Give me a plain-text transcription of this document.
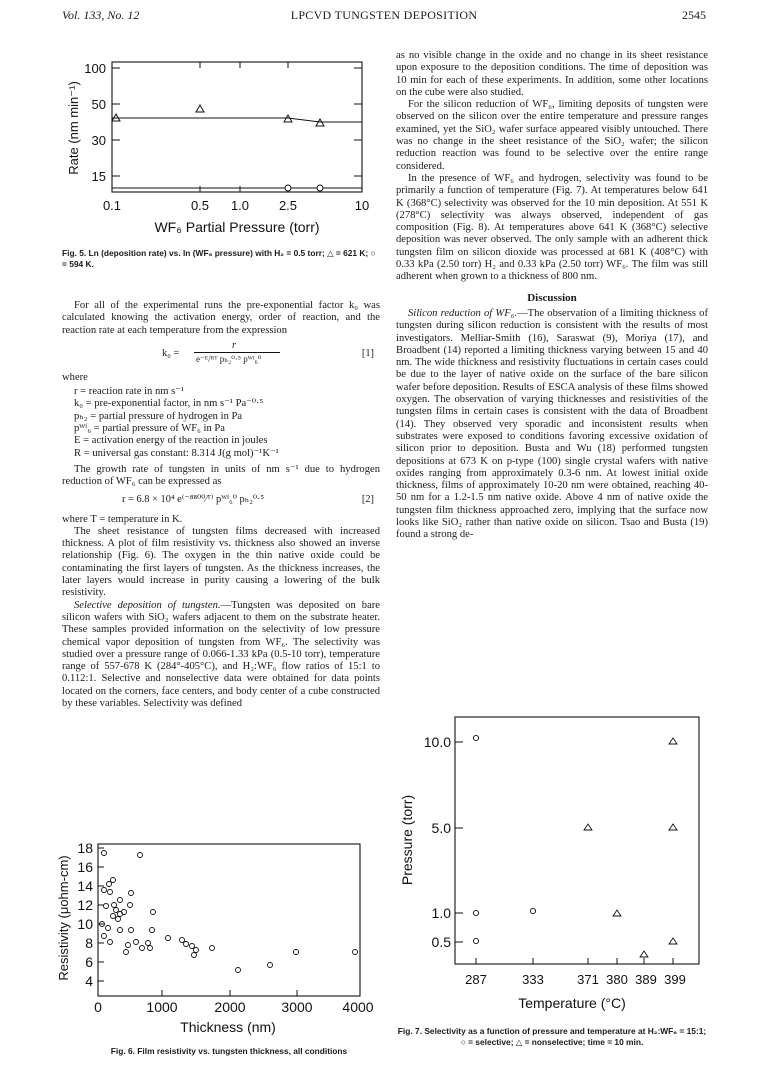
Vol. 133, No. 12	LPCVD TUNGSTEN DEPOSITION	2545
100
50
30
15
0.1	0.5 1.0 2.5	10
WF₆ Partial Pressure (torr)
Rate (nm min⁻¹)
Fig. 5. Ln (deposition rate) vs. ln (WF₆ pressure) with H₂ = 0.5 torr; △ = 621 K; ○ = 594 K.

For all of the experimental runs the pre-exponential factor k₀ was calculated knowing the activation energy, order of reaction, and the reaction rate at each temperature from the expression

k₀ =
r
e⁻ᴱ/ᴿᵀ pₕ₂⁰·⁵ pᵂᶠ₆⁰	[1]

where

r = reaction rate in nm s⁻¹
k₀ = pre-exponential factor, in nm s⁻¹ Pa⁻⁰·⁵
pₕ₂ = partial pressure of hydrogen in Pa
pᵂᶠ₆ = partial pressure of WF₆ in Pa
E = activation energy of the reaction in joules
R = universal gas constant: 8.314 J(g mol)⁻¹K⁻¹

The growth rate of tungsten in units of nm s⁻¹ due to hydrogen reduction of WF₆ can be expressed as

r = 6.8 × 10⁴ e⁽⁻⁸⁸⁰⁰⁄ᵀ⁾ pᵂᶠ₆⁰ pₕ₂⁰·⁵	[2]

where T = temperature in K.

The sheet resistance of tungsten films decreased with increased thickness. A plot of film resistivity vs. thickness also showed an inverse relationship (Fig. 6). The oxygen in the thin native oxide could be contaminating the first layers of tungsten. As the thickness increases, the later layers would increase in purity causing a lowering of the bulk resistivity.

Selective deposition of tungsten.—Tungsten was deposited on bare silicon wafers with SiO₂ wafers adjacent to them on the substrate heater. These samples provided information on the selectivity of low pressure chemical vapor deposition of tungsten from WF₆. The selectivity was studied over a pressure range of 0.066-1.33 kPa (0.5-10 torr), temperature range of 557-678 K (284°-405°C), and H₂:WF₆ flow ratios of 15:1 to 0.112:1. Selective and nonselective data were obtained for data points located on the corners, face centers, and body center of a cube constructed by these variables. Selectivity was defined

18
16
14
12
10
8
6
4
0	1000	2000	3000 4000
Thickness (nm)
Resistivity (μohm-cm)
Fig. 6. Film resistivity vs. tungsten thickness, all conditions

as no visible change in the oxide and no change in its sheet resistance upon exposure to the deposition conditions. The time of deposition was 10 min for each of these experiments. In addition, some other locations on the cube were also studied.

For the silicon reduction of WF₆, limiting deposits of tungsten were observed on the silicon over the entire temperature and pressure ranges examined, yet the SiO₂ wafer surface appeared visibly untouched. There was no change in the sheet resistance of the SiO₂ wafer; the silicon reduction reaction was found to be selective over the entire range considered.

In the presence of WF₆ and hydrogen, selectivity was found to be primarily a function of temperature (Fig. 7). At temperatures below 641 K (368°C) selectivity was observed for the 10 min deposition. At 551 K (278°C) selectivity was always observed, independent of gas composition (Fig. 8). At temperatures above 641 K (368°C) selective deposition was never observed. The only sample with an adherent thick tungsten film on silicon dioxide was processed at 681 K (408°C) with 0.33 kPa (2.50 torr) H₂ and 0.33 kPa (2.50 torr) WF₆. The film was still adherent when grown to a thickness of 800 nm.

Discussion

Silicon reduction of WF₆.—The observation of a limiting thickness of tungsten during silicon reduction is consistent with the results of most investigators. Melliar-Smith (16), Saraswat (9), Moriya (17), and Broadbent (14) reported a limiting thickness varying between 15 and 40 nm. The wide thickness and resistivity fluctuations in certain cases could be due to the layer of native oxide on the surface of the bare silicon wafer before deposition. Results of ESCA analysis of these films showed oxygen. The observation of varying thicknesses and resistivities of the tungsten films in certain cases is consistent with the data of Broadbent (14). They observed very sporadic and inconsistent results when substrates were exposed to conditions favoring excessive oxidation of silicon prior to deposition. Busta and Wu (18) performed tungsten depositions at 673 K on p-type (100) single crystal wafers with native oxides ranging from approximately 0.3-6 nm. At lowest initial oxide thickness, films of approximately 10-20 nm were obtained, reaching 40-50 nm for a 1.2-1.5 nm native oxide. Above 4 nm of native oxide the tungsten film thickness approached zero, implying that the surface now looks like SiO₂ rather than native oxide on silicon. Tsao and Busta (19) found a strong de-

10.0
5.0
1.0
0.5
287	333	371 380 389 399
Temperature (°C)
Pressure (torr)
Fig. 7. Selectivity as a function of pressure and temperature at H₂:WF₆ = 15:1; ○ = selective; △ = nonselective; time = 10 min.
